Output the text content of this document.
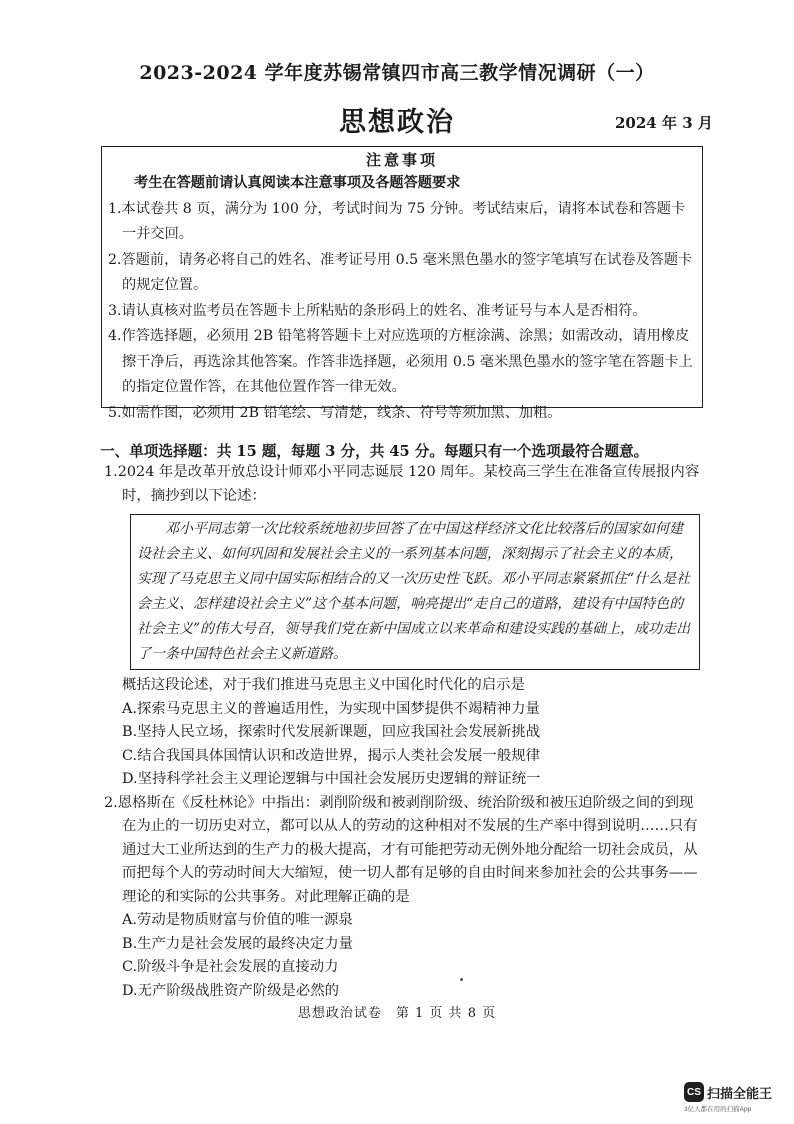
2023-2024 学年度苏锡常镇四市高三教学情况调研（一）
思想政治	2024 年 3 月
注意事项
考生在答题前请认真阅读本注意事项及各题答题要求
1.本试卷共 8 页，满分为 100 分，考试时间为 75 分钟。考试结束后，请将本试卷和答题卡一并交回。
2.答题前，请务必将自己的姓名、准考证号用 0.5 毫米黑色墨水的签字笔填写在试卷及答题卡的规定位置。
3.请认真核对监考员在答题卡上所粘贴的条形码上的姓名、准考证号与本人是否相符。
4.作答选择题，必须用 2B 铅笔将答题卡上对应选项的方框涂满、涂黑；如需改动，请用橡皮擦干净后，再选涂其他答案。作答非选择题，必须用 0.5 毫米黑色墨水的签字笔在答题卡上的指定位置作答，在其他位置作答一律无效。
5.如需作图，必须用 2B 铅笔绘、写清楚，线条、符号等须加黑、加粗。
一、单项选择题：共 15 题，每题 3 分，共 45 分。每题只有一个选项最符合题意。
1.2024 年是改革开放总设计师邓小平同志诞辰 120 周年。某校高三学生在准备宣传展报内容时，摘抄到以下论述：
邓小平同志第一次比较系统地初步回答了在中国这样经济文化比较落后的国家如何建设社会主义、如何巩固和发展社会主义的一系列基本问题，深刻揭示了社会主义的本质，实现了马克思主义同中国实际相结合的又一次历史性飞跃。邓小平同志紧紧抓住“什么是社会主义、怎样建设社会主义”这个基本问题，响亮提出“走自己的道路，建设有中国特色的社会主义”的伟大号召，领导我们党在新中国成立以来革命和建设实践的基础上，成功走出了一条中国特色社会主义新道路。
概括这段论述，对于我们推进马克思主义中国化时代化的启示是
A.探索马克思主义的普遍适用性，为实现中国梦提供不竭精神力量
B.坚持人民立场，探索时代发展新课题，回应我国社会发展新挑战
C.结合我国具体国情认识和改造世界，揭示人类社会发展一般规律
D.坚持科学社会主义理论逻辑与中国社会发展历史逻辑的辩证统一
2.恩格斯在《反杜林论》中指出：剥削阶级和被剥削阶级、统治阶级和被压迫阶级之间的到现在为止的一切历史对立，都可以从人的劳动的这种相对不发展的生产率中得到说明……只有通过大工业所达到的生产力的极大提高，才有可能把劳动无例外地分配给一切社会成员，从而把每个人的劳动时间大大缩短，使一切人都有足够的自由时间来参加社会的公共事务——理论的和实际的公共事务。对此理解正确的是
A.劳动是物质财富与价值的唯一源泉
B.生产力是社会发展的最终决定力量
C.阶级斗争是社会发展的直接动力
D.无产阶级战胜资产阶级是必然的
思想政治试卷　第 1 页 共 8 页
CS 扫描全能王
3亿人都在用的扫描App
